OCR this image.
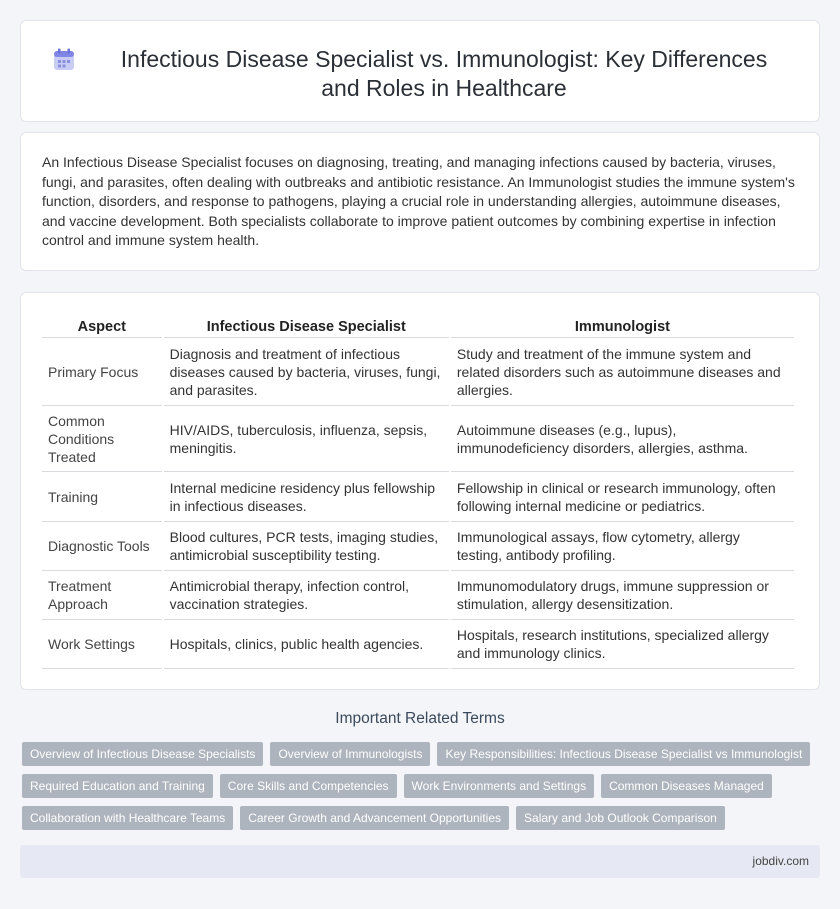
Infectious Disease Specialist vs. Immunologist: Key Differences and Roles in Healthcare

An Infectious Disease Specialist focuses on diagnosing, treating, and managing infections caused by bacteria, viruses, fungi, and parasites, often dealing with outbreaks and antibiotic resistance. An Immunologist studies the immune system's function, disorders, and response to pathogens, playing a crucial role in understanding allergies, autoimmune diseases, and vaccine development. Both specialists collaborate to improve patient outcomes by combining expertise in infection control and immune system health.

Aspect	Infectious Disease Specialist	Immunologist
Primary Focus	Diagnosis and treatment of infectious diseases caused by bacteria, viruses, fungi, and parasites.	Study and treatment of the immune system and related disorders such as autoimmune diseases and allergies.
Common Conditions Treated	HIV/AIDS, tuberculosis, influenza, sepsis, meningitis.	Autoimmune diseases (e.g., lupus), immunodeficiency disorders, allergies, asthma.
Training	Internal medicine residency plus fellowship in infectious diseases.	Fellowship in clinical or research immunology, often following internal medicine or pediatrics.
Diagnostic Tools	Blood cultures, PCR tests, imaging studies, antimicrobial susceptibility testing.	Immunological assays, flow cytometry, allergy testing, antibody profiling.
Treatment Approach	Antimicrobial therapy, infection control, vaccination strategies.	Immunomodulatory drugs, immune suppression or stimulation, allergy desensitization.
Work Settings	Hospitals, clinics, public health agencies.	Hospitals, research institutions, specialized allergy and immunology clinics.
Important Related Terms
Overview of Infectious Disease Specialists	Overview of Immunologists	Key Responsibilities: Infectious Disease Specialist vs Immunologist
Required Education and Training	Core Skills and Competencies	Work Environments and Settings	Common Diseases Managed
Collaboration with Healthcare Teams	Career Growth and Advancement Opportunities	Salary and Job Outlook Comparison
jobdiv.com
